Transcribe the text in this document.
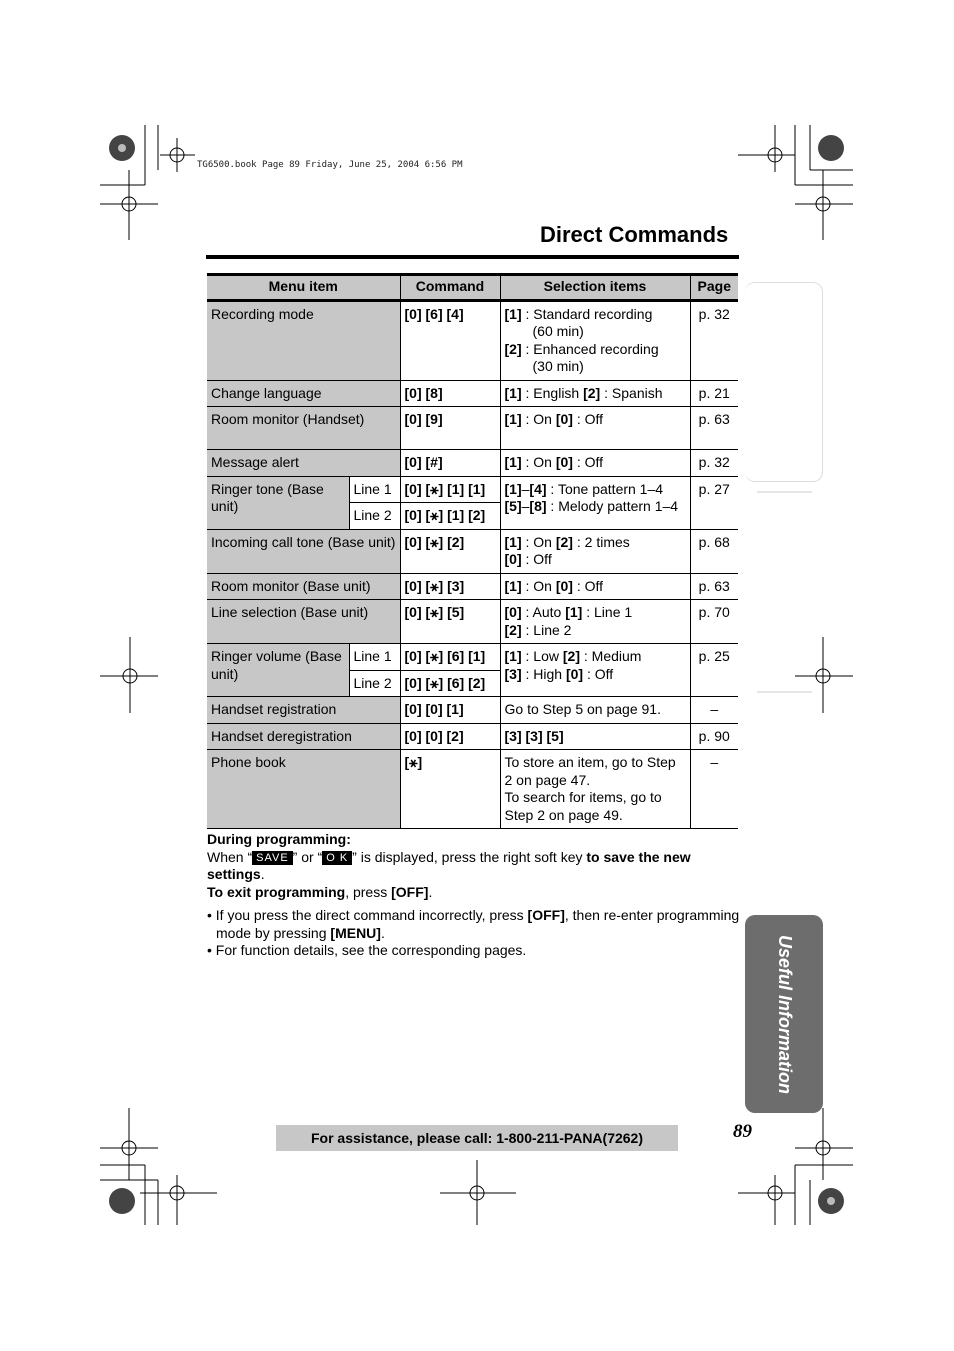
TG6500.book Page 89 Friday, June 25, 2004 6:56 PM
Direct Commands
Menu item		Command	Selection items	Page
Recording mode		[0] [6] [4]	[1] : Standard recording
(60 min)
[2] : Enhanced recording
(30 min)	p. 32
Change language		[0] [8]	[1] : English [2] : Spanish	p. 21
Room monitor (Handset)		[0] [9]	[1] : On [0] : Off	p. 63
Message alert		[0] [#]	[1] : On [0] : Off	p. 32
Ringer tone (Base unit)	Line 1	[0] [⚹] [1] [1]	[1]–[4] : Tone pattern 1–4
[5]–[8] : Melody pattern 1–4	p. 27
	Line 2	[0] [⚹] [1] [2]		
Incoming call tone (Base unit)		[0] [⚹] [2]	[1] : On [2] : 2 times
[0] : Off	p. 68
Room monitor (Base unit)		[0] [⚹] [3]	[1] : On [0] : Off	p. 63
Line selection (Base unit)		[0] [⚹] [5]	[0] : Auto [1] : Line 1
[2] : Line 2	p. 70
Ringer volume (Base unit)	Line 1	[0] [⚹] [6] [1]	[1] : Low [2] : Medium
[3] : High [0] : Off	p. 25
	Line 2	[0] [⚹] [6] [2]		
Handset registration		[0] [0] [1]	Go to Step 5 on page 91.	–
Handset deregistration		[0] [0] [2]	[3] [3] [5]	p. 90
Phone book		[⚹]	To store an item, go to Step 2 on page 47.
To search for items, go to Step 2 on page 49.	–
During programming:
When “ SAVE ” or “ O K ” is displayed, press the right soft key to save the new settings.
To exit programming, press [OFF].
• If you press the direct command incorrectly, press [OFF], then re-enter programming mode by pressing [MENU].
• For function details, see the corresponding pages.	Useful Information
89
For assistance, please call: 1-800-211-PANA(7262)
